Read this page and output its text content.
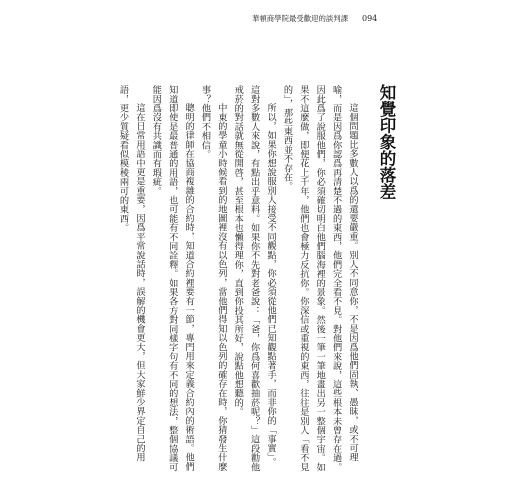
華頓商學院最受歡迎的談判課	094
知覺印象的落差
這個問題比多數人以爲的還要嚴重。別人不同意你，不是因爲他們固執、愚昧，或不可理
喻，而是因爲你認爲再清楚不過的東西，他們完全看不見。對他們來說，這些根本未曾存在過。
因此爲了說服他們，你必須確切明白他們腦海裡的景象。然後一筆一筆地畫出另一整個宇宙。如
果不這麼做，即便花上千年，他們也會極力反抗你。你深信或重視的東西，往往是別人「看不見
的」，那些東西並不存在。
所以，如果你想說服別人接受不同觀點，你必須從他們已知觀點著手，而非你的「事實」。
這對多數人來說，有點出乎意料。如果你不先對老爸說：「爸，你爲何喜歡抽菸呢？」這段勸他
戒菸的對話就無從開啓，甚至根本也懶得理你，直到你投其所好，說點他想聽的。
中東的學童小時候看到的地圖裡沒有以色列，當他們得知以色列的確存在時，你猜發生什麼
事？他們不相信。
聰明的律師在協商複雜的合約時，知道合約裡要有一節，專門用來定義合約內的術語。他們
知道即使是最普通的用語，也可能有不同詮釋。如果各方對同樣字句有不同的想法，整個協議可
能因爲沒有共識而有瑕疵。
這在日常用語中更是重要，因爲平常說話時，誤解的機會更大，但大家鮮少界定自己的用
語，更少質疑看似模稜兩可的東西。
